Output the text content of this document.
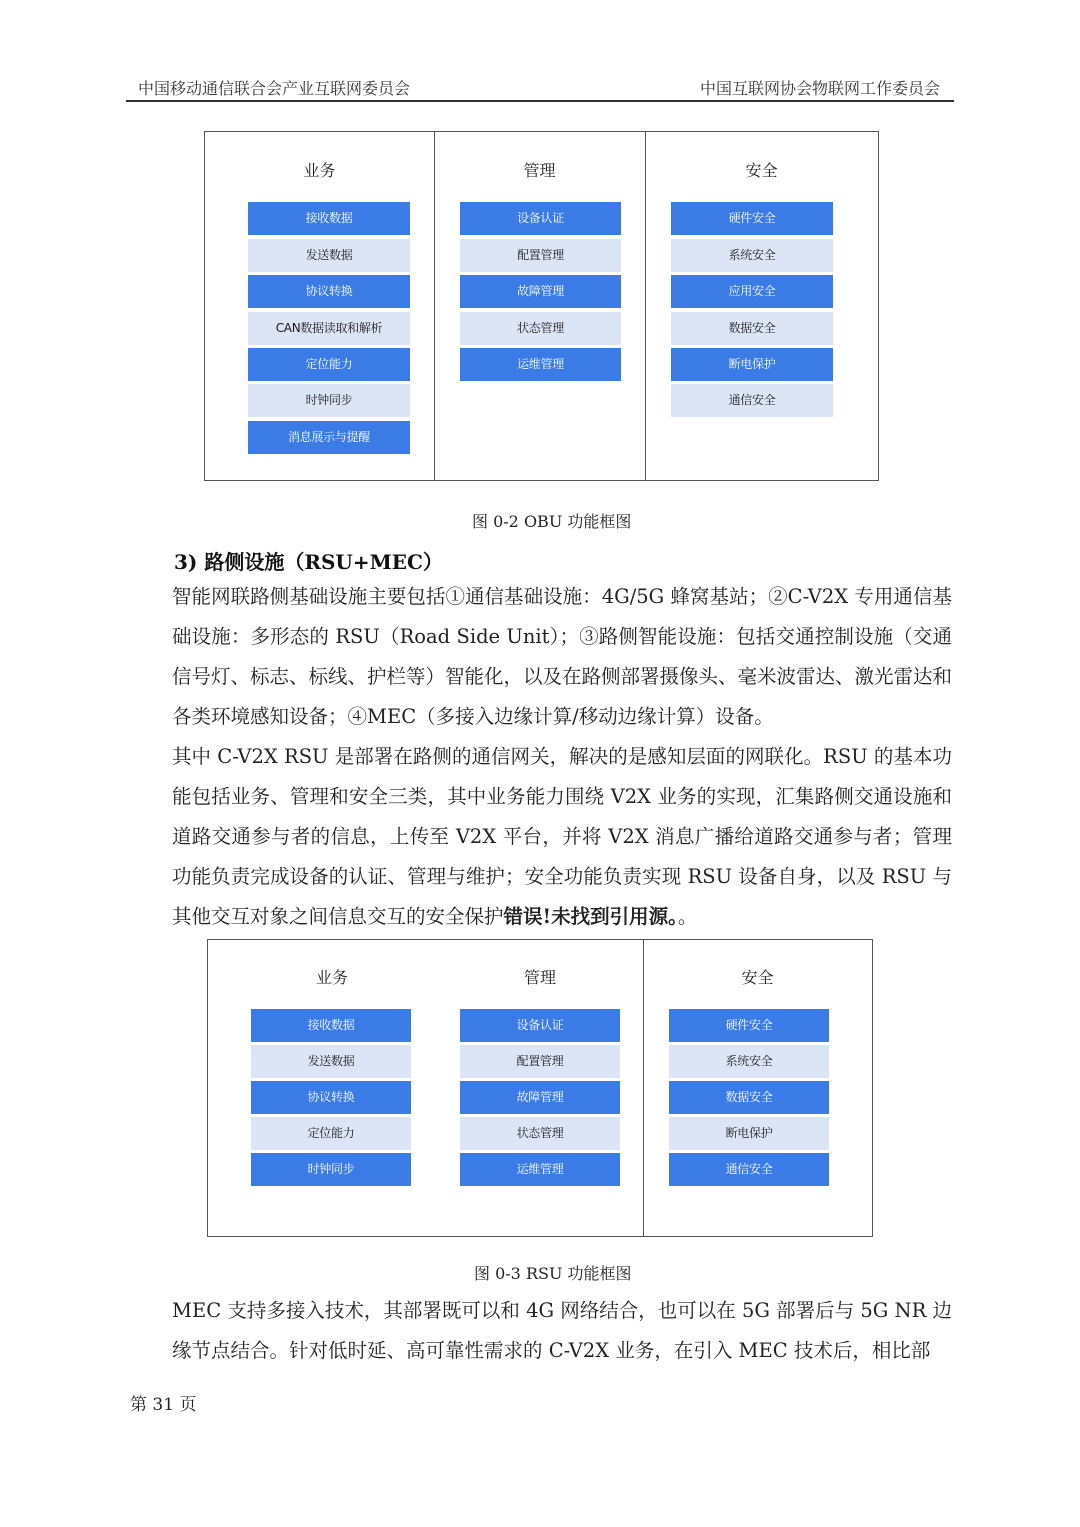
中国移动通信联合会产业互联网委员会	中国互联网协会物联网工作委员会
业务
接收数据
发送数据
协议转换
CAN数据读取和解析
定位能力
时钟同步
消息展示与提醒
管理
设备认证
配置管理
故障管理
状态管理
运维管理
安全
硬件安全
系统安全
应用安全
数据安全
断电保护
通信安全
图 0-2 OBU 功能框图
3) 路侧设施（RSU+MEC）
智能网联路侧基础设施主要包括①通信基础设施：4G/5G 蜂窝基站；②C-V2X 专用通信基础设施：多形态的 RSU（Road Side Unit）；③路侧智能设施：包括交通控制设施（交通信号灯、标志、标线、护栏等）智能化，以及在路侧部署摄像头、毫米波雷达、激光雷达和各类环境感知设备；④MEC（多接入边缘计算/移动边缘计算）设备。
其中 C-V2X RSU 是部署在路侧的通信网关，解决的是感知层面的网联化。RSU 的基本功能包括业务、管理和安全三类，其中业务能力围绕 V2X 业务的实现，汇集路侧交通设施和道路交通参与者的信息，上传至 V2X 平台，并将 V2X 消息广播给道路交通参与者；管理功能负责完成设备的认证、管理与维护；安全功能负责实现 RSU 设备自身，以及 RSU 与其他交互对象之间信息交互的安全保护错误!未找到引用源。。
业务
接收数据
发送数据
协议转换
定位能力
时钟同步
管理
设备认证
配置管理
故障管理
状态管理
运维管理
安全
硬件安全
系统安全
数据安全
断电保护
通信安全
图 0-3 RSU 功能框图
MEC 支持多接入技术，其部署既可以和 4G 网络结合，也可以在 5G 部署后与 5G NR 边缘节点结合。针对低时延、高可靠性需求的 C-V2X 业务，在引入 MEC 技术后，相比部
第 31 页
